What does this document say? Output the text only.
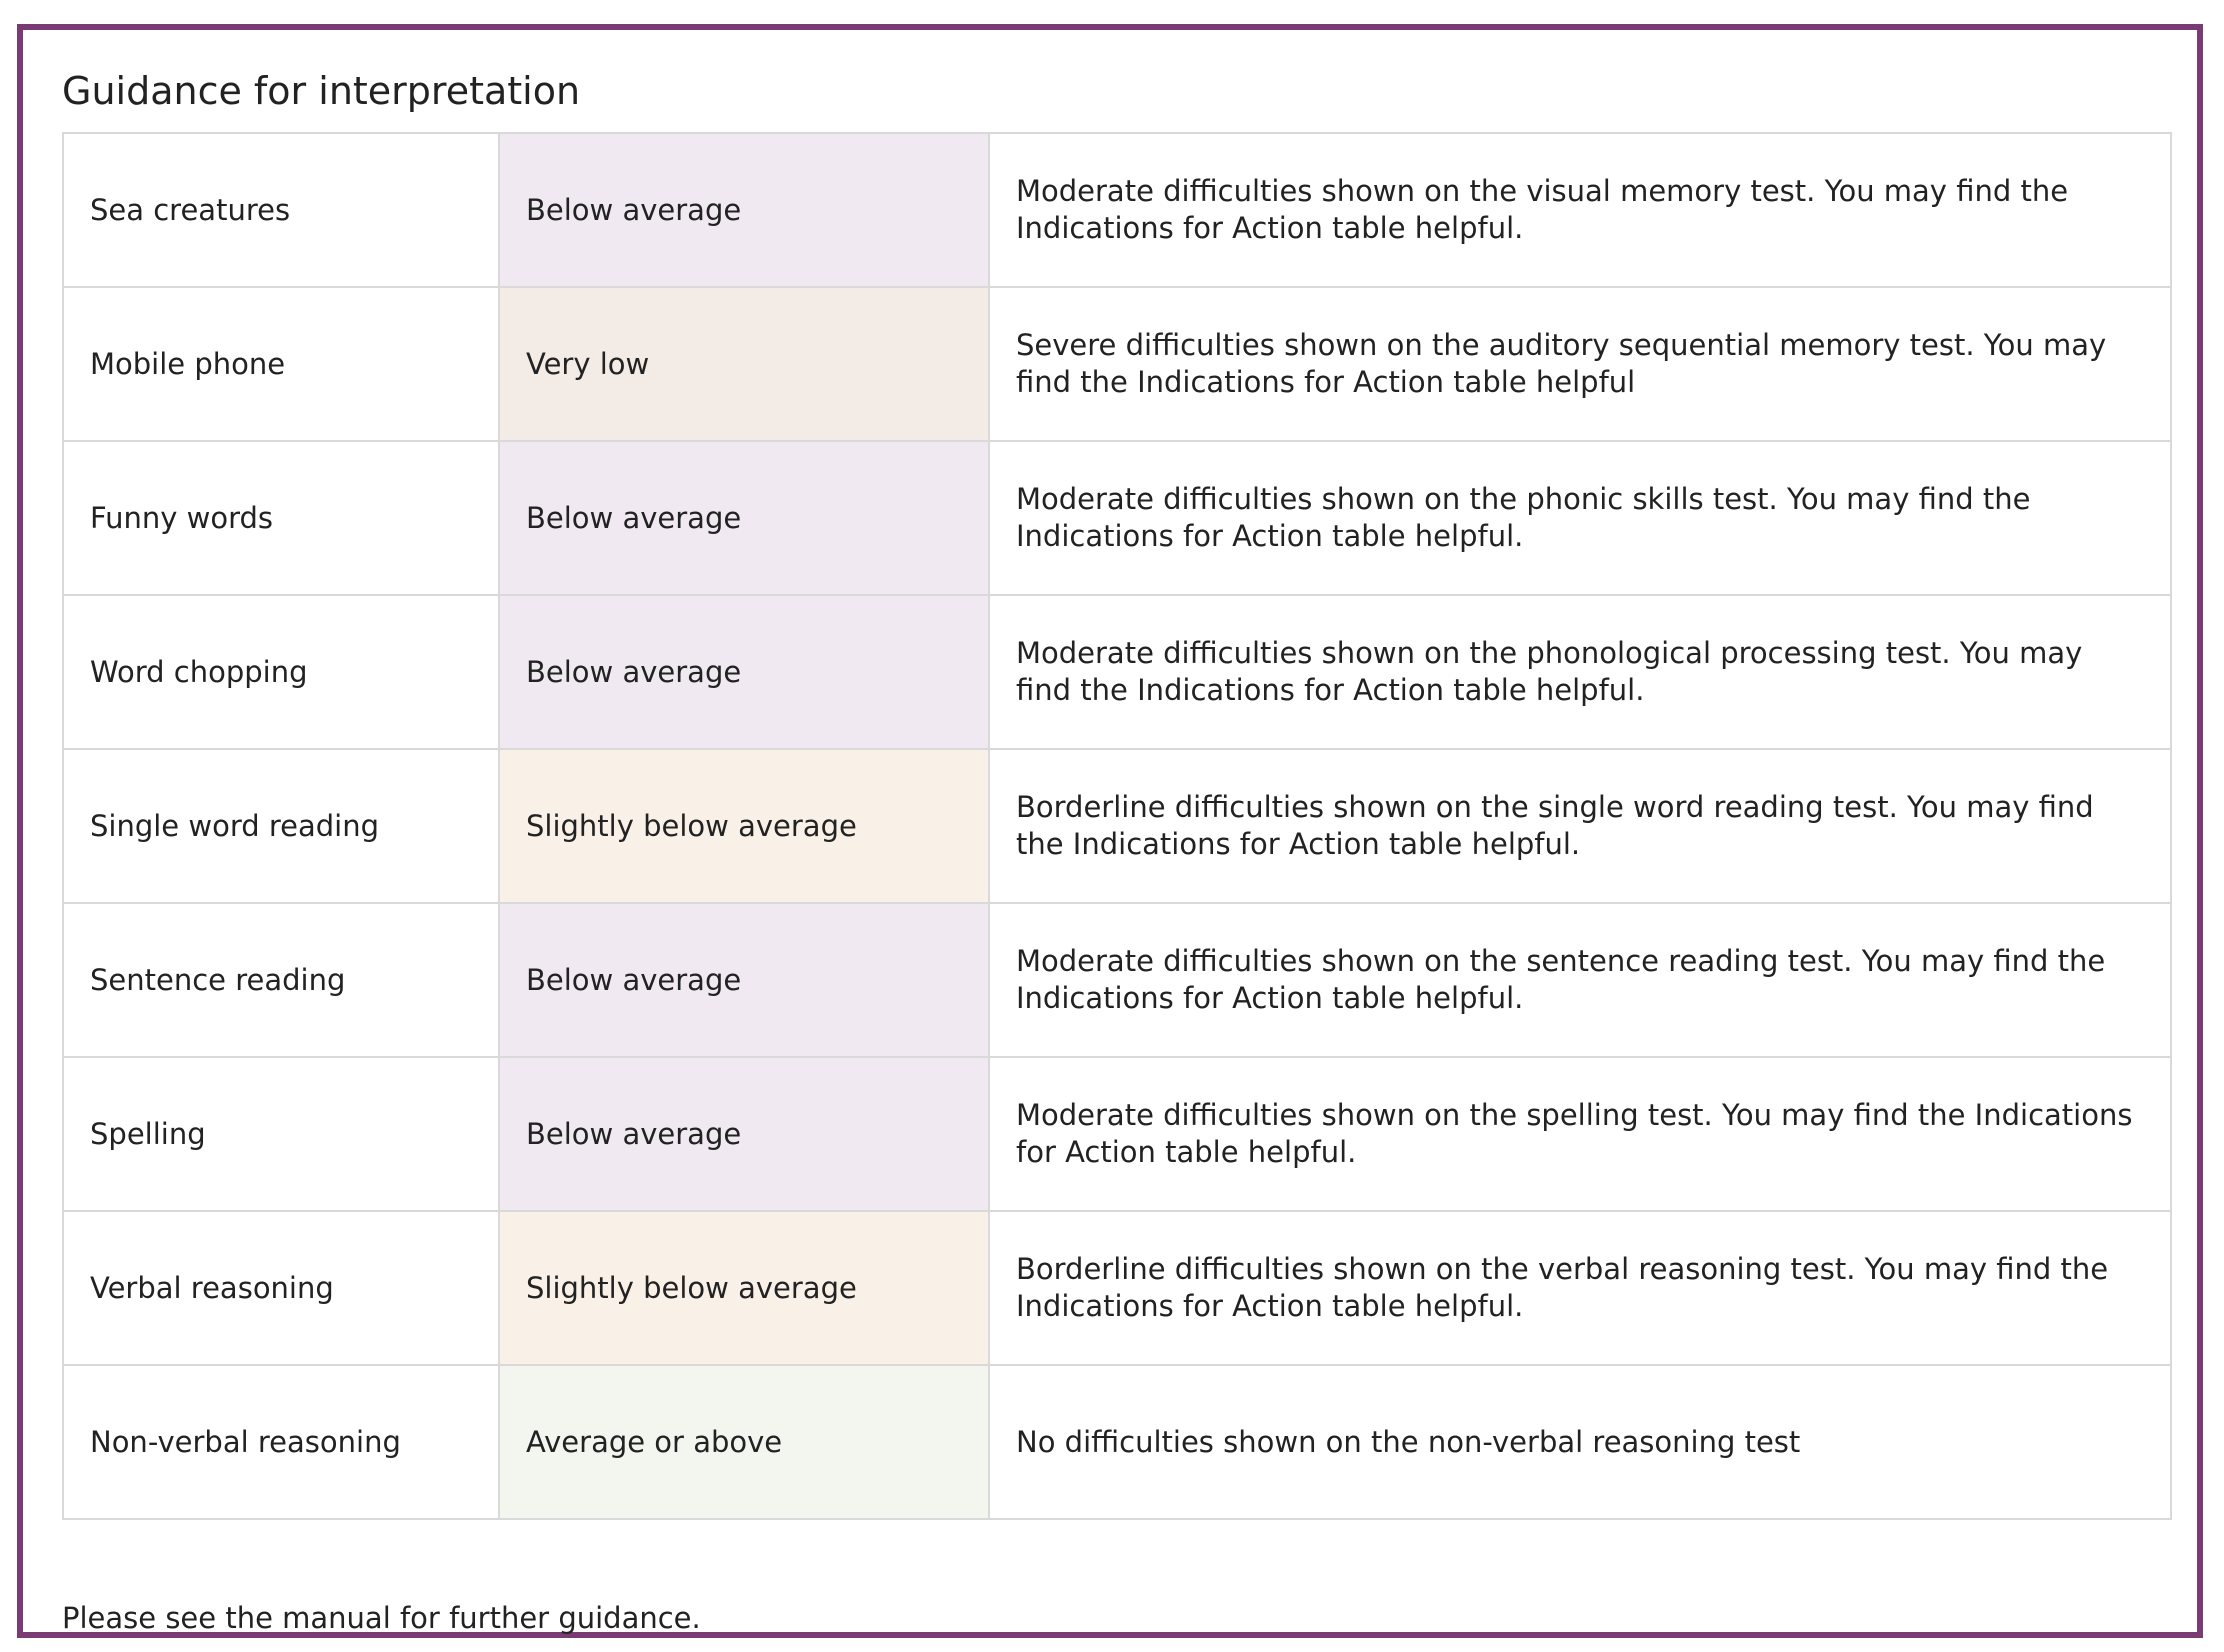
Guidance for interpretation
Sea creatures	Below average	Moderate difficulties shown on the visual memory test. You may find the Indications for Action table helpful.
Mobile phone	Very low	Severe difficulties shown on the auditory sequential memory test. You may find the Indications for Action table helpful
Funny words	Below average	Moderate difficulties shown on the phonic skills test. You may find the Indications for Action table helpful.
Word chopping	Below average	Moderate difficulties shown on the phonological processing test. You may find the Indications for Action table helpful.
Single word reading	Slightly below average	Borderline difficulties shown on the single word reading test. You may find the Indications for Action table helpful.
Sentence reading	Below average	Moderate difficulties shown on the sentence reading test. You may find the Indications for Action table helpful.
Spelling	Below average	Moderate difficulties shown on the spelling test. You may find the Indications for Action table helpful.
Verbal reasoning	Slightly below average	Borderline difficulties shown on the verbal reasoning test. You may find the Indications for Action table helpful.
Non-verbal reasoning	Average or above	No difficulties shown on the non-verbal reasoning test
Please see the manual for further guidance.
